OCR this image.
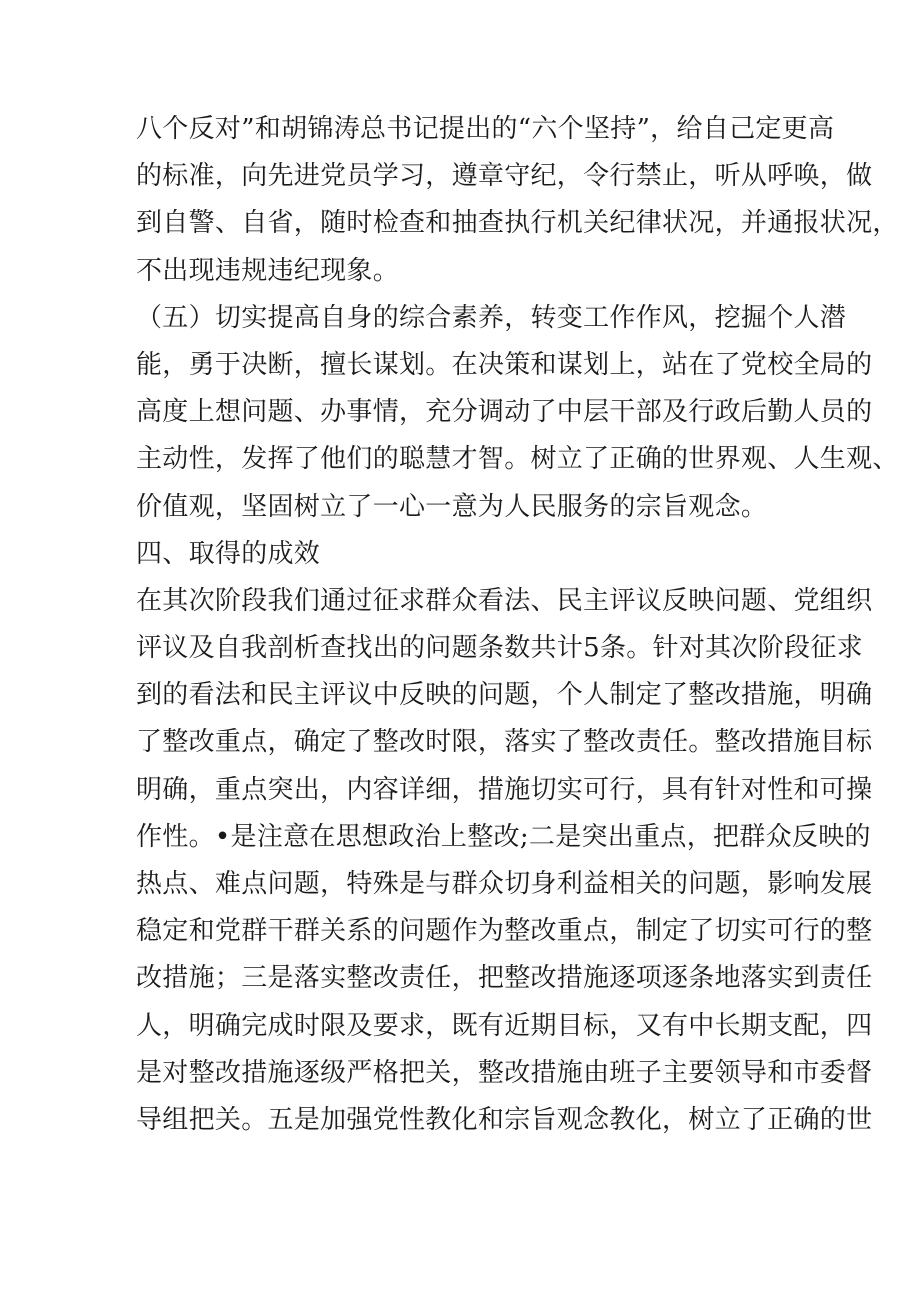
八个反对”和胡锦涛总书记提出的“六个坚持”，给自己定更高
的标准，向先进党员学习，遵章守纪，令行禁止，听从呼唤，做
到自警、自省，随时检查和抽查执行机关纪律状况，并通报状况，
不出现违规违纪现象。
（五）切实提高自身的综合素养，转变工作作风，挖掘个人潜
能，勇于决断，擅长谋划。在决策和谋划上，站在了党校全局的
高度上想问题、办事情，充分调动了中层干部及行政后勤人员的
主动性，发挥了他们的聪慧才智。树立了正确的世界观、人生观、
价值观，坚固树立了一心一意为人民服务的宗旨观念。
四、取得的成效
在其次阶段我们通过征求群众看法、民主评议反映问题、党组织
评议及自我剖析查找出的问题条数共计5条。针对其次阶段征求
到的看法和民主评议中反映的问题，个人制定了整改措施，明确
了整改重点，确定了整改时限，落实了整改责任。整改措施目标
明确，重点突出，内容详细，措施切实可行，具有针对性和可操
作性。•是注意在思想政治上整改;二是突出重点，把群众反映的
热点、难点问题，特殊是与群众切身利益相关的问题，影响发展
稳定和党群干群关系的问题作为整改重点，制定了切实可行的整
改措施；三是落实整改责任，把整改措施逐项逐条地落实到责任
人，明确完成时限及要求，既有近期目标，又有中长期支配，四
是对整改措施逐级严格把关，整改措施由班子主要领导和市委督
导组把关。五是加强党性教化和宗旨观念教化，树立了正确的世
